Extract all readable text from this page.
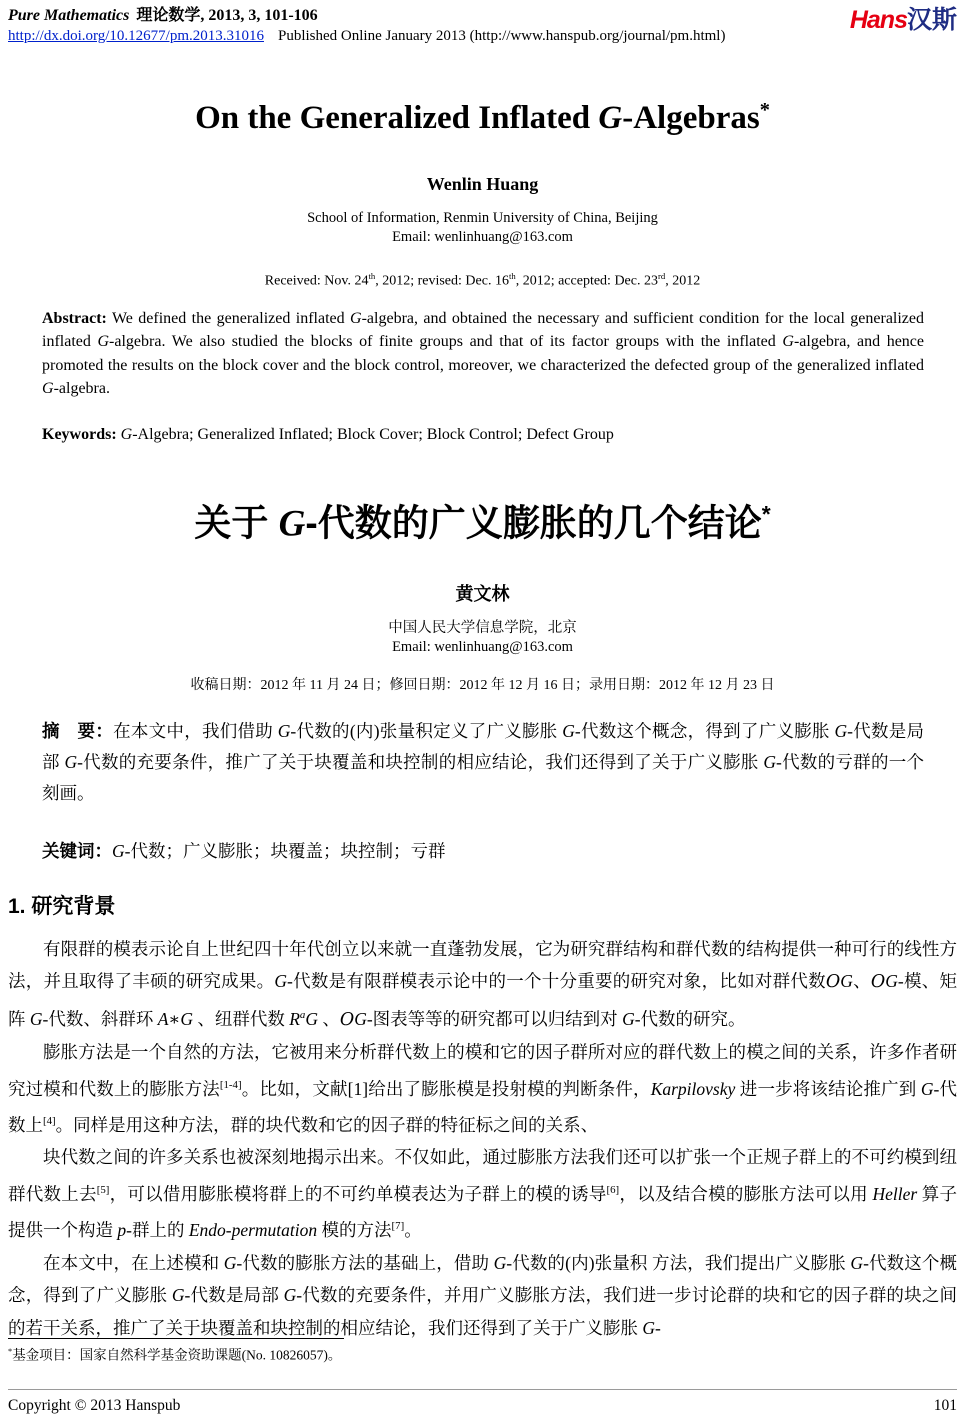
Pure Mathematics 理论数学, 2013, 3, 101-106
http://dx.doi.org/10.12677/pm.2013.31016 Published Online January 2013 (http://www.hanspub.org/journal/pm.html)
Hans汉斯
On the Generalized Inflated G-Algebras*
Wenlin Huang
School of Information, Renmin University of China, Beijing
Email: wenlinhuang@163.com
Received: Nov. 24th, 2012; revised: Dec. 16th, 2012; accepted: Dec. 23rd, 2012

Abstract: We defined the generalized inflated G-algebra, and obtained the necessary and sufficient condition for the local generalized inflated G-algebra. We also studied the blocks of finite groups and that of its factor groups with the inflated G-algebra, and hence promoted the results on the block cover and the block control, moreover, we characterized the defected group of the generalized inflated G-algebra.

Keywords: G-Algebra; Generalized Inflated; Block Cover; Block Control; Defect Group

关于 G-代数的广义膨胀的几个结论*
黄文林
中国人民大学信息学院，北京
Email: wenlinhuang@163.com
收稿日期：2012 年 11 月 24 日；修回日期：2012 年 12 月 16 日；录用日期：2012 年 12 月 23 日

摘　要：在本文中，我们借助 G-代数的(内)张量积定义了广义膨胀 G-代数这个概念，得到了广义膨胀 G-代数是局部 G-代数的充要条件，推广了关于块覆盖和块控制的相应结论，我们还得到了关于广义膨胀 G-代数的亏群的一个刻画。

关键词：G-代数；广义膨胀；块覆盖；块控制；亏群

1. 研究背景

有限群的模表示论自上世纪四十年代创立以来就一直蓬勃发展，它为研究群结构和群代数的结构提供一种可行的线性方法，并且取得了丰硕的研究成果。G-代数是有限群模表示论中的一个十分重要的研究对象，比如对群代数OG、OG-模、矩阵 G-代数、斜群环 A∗G 、纽群代数 $R^aG$ 、OG-图表等等的研究都可以归结到对 G-代数的研究。

膨胀方法是一个自然的方法，它被用来分析群代数上的模和它的因子群所对应的群代数上的模之间的关系，许多作者研究过模和代数上的膨胀方法[1-4]。比如，文献[1]给出了膨胀模是投射模的判断条件，Karpilovsky 进一步将该结论推广到 G-代数上[4]。同样是用这种方法，群的块代数和它的因子群的特征标之间的关系、

块代数之间的许多关系也被深刻地揭示出来。不仅如此，通过膨胀方法我们还可以扩张一个正规子群上的不可约模到纽群代数上去[5]，可以借用膨胀模将群上的不可约单模表达为子群上的模的诱导[6]，以及结合模的膨胀方法可以用 Heller 算子提供一个构造 p-群上的 Endo-permutation 模的方法[7]。

在本文中，在上述模和 G-代数的膨胀方法的基础上，借助 G-代数的(内)张量积 方法，我们提出广义膨胀 G-代数这个概念，得到了广义膨胀 G-代数是局部 G-代数的充要条件，并用广义膨胀方法，我们进一步讨论群的块和它的因子群的块之间的若干关系，推广了关于块覆盖和块控制的相应结论，我们还得到了关于广义膨胀 G-

*基金项目：国家自然科学基金资助课题(No. 10826057)。
Copyright © 2013 Hanspub	101
